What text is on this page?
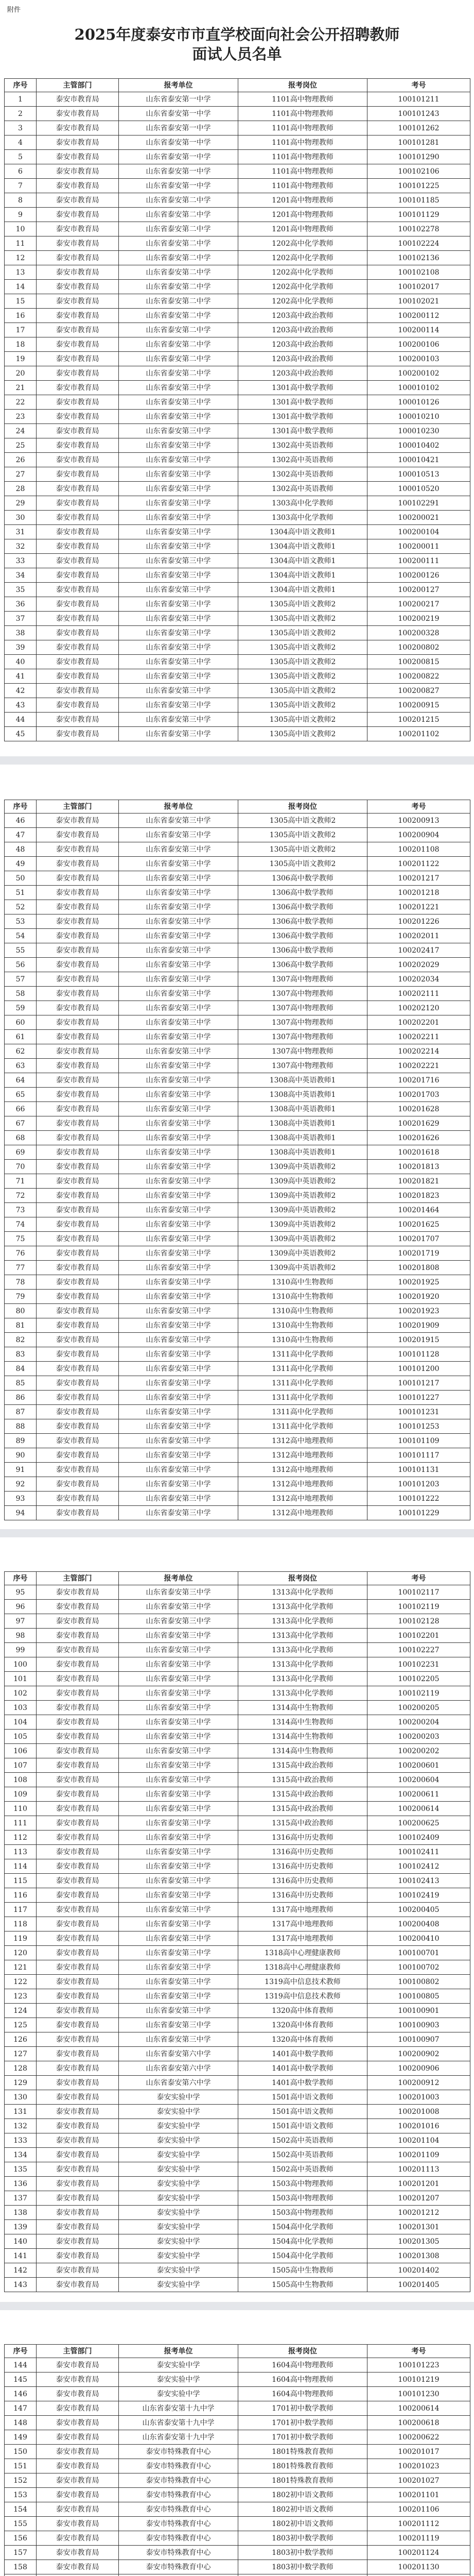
附件
2025年度泰安市市直学校面向社会公开招聘教师
面试人员名单
序号	主管部门	报考单位	报考岗位	考号
1	泰安市教育局	山东省泰安第一中学	1101高中物理教师	100101211
2	泰安市教育局	山东省泰安第一中学	1101高中物理教师	100101243
3	泰安市教育局	山东省泰安第一中学	1101高中物理教师	100101262
4	泰安市教育局	山东省泰安第一中学	1101高中物理教师	100101281
5	泰安市教育局	山东省泰安第一中学	1101高中物理教师	100101290
6	泰安市教育局	山东省泰安第一中学	1101高中物理教师	100102106
7	泰安市教育局	山东省泰安第一中学	1101高中物理教师	100101225
8	泰安市教育局	山东省泰安第二中学	1201高中物理教师	100101185
9	泰安市教育局	山东省泰安第二中学	1201高中物理教师	100101129
10	泰安市教育局	山东省泰安第二中学	1201高中物理教师	100102278
11	泰安市教育局	山东省泰安第二中学	1202高中化学教师	100102224
12	泰安市教育局	山东省泰安第二中学	1202高中化学教师	100102136
13	泰安市教育局	山东省泰安第二中学	1202高中化学教师	100102108
14	泰安市教育局	山东省泰安第二中学	1202高中化学教师	100102017
15	泰安市教育局	山东省泰安第二中学	1202高中化学教师	100102021
16	泰安市教育局	山东省泰安第二中学	1203高中政治教师	100200112
17	泰安市教育局	山东省泰安第二中学	1203高中政治教师	100200114
18	泰安市教育局	山东省泰安第二中学	1203高中政治教师	100200106
19	泰安市教育局	山东省泰安第二中学	1203高中政治教师	100200103
20	泰安市教育局	山东省泰安第二中学	1203高中政治教师	100200102
21	泰安市教育局	山东省泰安第三中学	1301高中数学教师	100010102
22	泰安市教育局	山东省泰安第三中学	1301高中数学教师	100010126
23	泰安市教育局	山东省泰安第三中学	1301高中数学教师	100010210
24	泰安市教育局	山东省泰安第三中学	1301高中数学教师	100010230
25	泰安市教育局	山东省泰安第三中学	1302高中英语教师	100010402
26	泰安市教育局	山东省泰安第三中学	1302高中英语教师	100010421
27	泰安市教育局	山东省泰安第三中学	1302高中英语教师	100010513
28	泰安市教育局	山东省泰安第三中学	1302高中英语教师	100010520
29	泰安市教育局	山东省泰安第三中学	1303高中化学教师	100102291
30	泰安市教育局	山东省泰安第三中学	1303高中化学教师	100200021
31	泰安市教育局	山东省泰安第三中学	1304高中语文教师1	100200104
32	泰安市教育局	山东省泰安第三中学	1304高中语文教师1	100200011
33	泰安市教育局	山东省泰安第三中学	1304高中语文教师1	100200111
34	泰安市教育局	山东省泰安第三中学	1304高中语文教师1	100200126
35	泰安市教育局	山东省泰安第三中学	1304高中语文教师1	100200127
36	泰安市教育局	山东省泰安第三中学	1305高中语文教师2	100200217
37	泰安市教育局	山东省泰安第三中学	1305高中语文教师2	100200219
38	泰安市教育局	山东省泰安第三中学	1305高中语文教师2	100200328
39	泰安市教育局	山东省泰安第三中学	1305高中语文教师2	100200802
40	泰安市教育局	山东省泰安第三中学	1305高中语文教师2	100200815
41	泰安市教育局	山东省泰安第三中学	1305高中语文教师2	100200822
42	泰安市教育局	山东省泰安第三中学	1305高中语文教师2	100200827
43	泰安市教育局	山东省泰安第三中学	1305高中语文教师2	100200915
44	泰安市教育局	山东省泰安第三中学	1305高中语文教师2	100201215
45	泰安市教育局	山东省泰安第三中学	1305高中语文教师2	100201102
序号	主管部门	报考单位	报考岗位	考号
46	泰安市教育局	山东省泰安第三中学	1305高中语文教师2	100200913
47	泰安市教育局	山东省泰安第三中学	1305高中语文教师2	100200904
48	泰安市教育局	山东省泰安第三中学	1305高中语文教师2	100201108
49	泰安市教育局	山东省泰安第三中学	1305高中语文教师2	100201122
50	泰安市教育局	山东省泰安第三中学	1306高中数学教师	100201217
51	泰安市教育局	山东省泰安第三中学	1306高中数学教师	100201218
52	泰安市教育局	山东省泰安第三中学	1306高中数学教师	100201221
53	泰安市教育局	山东省泰安第三中学	1306高中数学教师	100201226
54	泰安市教育局	山东省泰安第三中学	1306高中数学教师	100202011
55	泰安市教育局	山东省泰安第三中学	1306高中数学教师	100202417
56	泰安市教育局	山东省泰安第三中学	1306高中数学教师	100202029
57	泰安市教育局	山东省泰安第三中学	1307高中物理教师	100202034
58	泰安市教育局	山东省泰安第三中学	1307高中物理教师	100202111
59	泰安市教育局	山东省泰安第三中学	1307高中物理教师	100202120
60	泰安市教育局	山东省泰安第三中学	1307高中物理教师	100202201
61	泰安市教育局	山东省泰安第三中学	1307高中物理教师	100202211
62	泰安市教育局	山东省泰安第三中学	1307高中物理教师	100202214
63	泰安市教育局	山东省泰安第三中学	1307高中物理教师	100202221
64	泰安市教育局	山东省泰安第三中学	1308高中英语教师1	100201716
65	泰安市教育局	山东省泰安第三中学	1308高中英语教师1	100201703
66	泰安市教育局	山东省泰安第三中学	1308高中英语教师1	100201628
67	泰安市教育局	山东省泰安第三中学	1308高中英语教师1	100201629
68	泰安市教育局	山东省泰安第三中学	1308高中英语教师1	100201626
69	泰安市教育局	山东省泰安第三中学	1308高中英语教师1	100201618
70	泰安市教育局	山东省泰安第三中学	1309高中英语教师2	100201813
71	泰安市教育局	山东省泰安第三中学	1309高中英语教师2	100201821
72	泰安市教育局	山东省泰安第三中学	1309高中英语教师2	100201823
73	泰安市教育局	山东省泰安第三中学	1309高中英语教师2	100201464
74	泰安市教育局	山东省泰安第三中学	1309高中英语教师2	100201625
75	泰安市教育局	山东省泰安第三中学	1309高中英语教师2	100201707
76	泰安市教育局	山东省泰安第三中学	1309高中英语教师2	100201719
77	泰安市教育局	山东省泰安第三中学	1309高中英语教师2	100201808
78	泰安市教育局	山东省泰安第三中学	1310高中生物教师	100201925
79	泰安市教育局	山东省泰安第三中学	1310高中生物教师	100201920
80	泰安市教育局	山东省泰安第三中学	1310高中生物教师	100201923
81	泰安市教育局	山东省泰安第三中学	1310高中生物教师	100201909
82	泰安市教育局	山东省泰安第三中学	1310高中生物教师	100201915
83	泰安市教育局	山东省泰安第三中学	1311高中化学教师	100101128
84	泰安市教育局	山东省泰安第三中学	1311高中化学教师	100101200
85	泰安市教育局	山东省泰安第三中学	1311高中化学教师	100101217
86	泰安市教育局	山东省泰安第三中学	1311高中化学教师	100101227
87	泰安市教育局	山东省泰安第三中学	1311高中化学教师	100101231
88	泰安市教育局	山东省泰安第三中学	1311高中化学教师	100101253
89	泰安市教育局	山东省泰安第三中学	1312高中地理教师	100101109
90	泰安市教育局	山东省泰安第三中学	1312高中地理教师	100101117
91	泰安市教育局	山东省泰安第三中学	1312高中地理教师	100101131
92	泰安市教育局	山东省泰安第三中学	1312高中地理教师	100101203
93	泰安市教育局	山东省泰安第三中学	1312高中地理教师	100101222
94	泰安市教育局	山东省泰安第三中学	1312高中地理教师	100101229
序号	主管部门	报考单位	报考岗位	考号
95	泰安市教育局	山东省泰安第三中学	1313高中化学教师	100102117
96	泰安市教育局	山东省泰安第三中学	1313高中化学教师	100102119
97	泰安市教育局	山东省泰安第三中学	1313高中化学教师	100102128
98	泰安市教育局	山东省泰安第三中学	1313高中化学教师	100102201
99	泰安市教育局	山东省泰安第三中学	1313高中化学教师	100102227
100	泰安市教育局	山东省泰安第三中学	1313高中化学教师	100102231
101	泰安市教育局	山东省泰安第三中学	1313高中化学教师	100102205
102	泰安市教育局	山东省泰安第三中学	1313高中化学教师	100102119
103	泰安市教育局	山东省泰安第三中学	1314高中生物教师	100200205
104	泰安市教育局	山东省泰安第三中学	1314高中生物教师	100200204
105	泰安市教育局	山东省泰安第三中学	1314高中生物教师	100200203
106	泰安市教育局	山东省泰安第三中学	1314高中生物教师	100200202
107	泰安市教育局	山东省泰安第三中学	1315高中政治教师	100200601
108	泰安市教育局	山东省泰安第三中学	1315高中政治教师	100200604
109	泰安市教育局	山东省泰安第三中学	1315高中政治教师	100200611
110	泰安市教育局	山东省泰安第三中学	1315高中政治教师	100200614
111	泰安市教育局	山东省泰安第三中学	1315高中政治教师	100200625
112	泰安市教育局	山东省泰安第三中学	1316高中历史教师	100102409
113	泰安市教育局	山东省泰安第三中学	1316高中历史教师	100102411
114	泰安市教育局	山东省泰安第三中学	1316高中历史教师	100102412
115	泰安市教育局	山东省泰安第三中学	1316高中历史教师	100102413
116	泰安市教育局	山东省泰安第三中学	1316高中历史教师	100102419
117	泰安市教育局	山东省泰安第三中学	1317高中地理教师	100200405
118	泰安市教育局	山东省泰安第三中学	1317高中地理教师	100200408
119	泰安市教育局	山东省泰安第三中学	1317高中地理教师	100200410
120	泰安市教育局	山东省泰安第三中学	1318高中心理健康教师	100100701
121	泰安市教育局	山东省泰安第三中学	1318高中心理健康教师	100100702
122	泰安市教育局	山东省泰安第三中学	1319高中信息技术教师	100100802
123	泰安市教育局	山东省泰安第三中学	1319高中信息技术教师	100100805
124	泰安市教育局	山东省泰安第三中学	1320高中体育教师	100100901
125	泰安市教育局	山东省泰安第三中学	1320高中体育教师	100100903
126	泰安市教育局	山东省泰安第三中学	1320高中体育教师	100100907
127	泰安市教育局	山东省泰安第六中学	1401高中数学教师	100200902
128	泰安市教育局	山东省泰安第六中学	1401高中数学教师	100200906
129	泰安市教育局	山东省泰安第六中学	1401高中数学教师	100200912
130	泰安市教育局	泰安实验中学	1501高中语文教师	100201003
131	泰安市教育局	泰安实验中学	1501高中语文教师	100201008
132	泰安市教育局	泰安实验中学	1501高中语文教师	100201016
133	泰安市教育局	泰安实验中学	1502高中英语教师	100201104
134	泰安市教育局	泰安实验中学	1502高中英语教师	100201109
135	泰安市教育局	泰安实验中学	1502高中英语教师	100201113
136	泰安市教育局	泰安实验中学	1503高中物理教师	100201201
137	泰安市教育局	泰安实验中学	1503高中物理教师	100201207
138	泰安市教育局	泰安实验中学	1503高中物理教师	100201212
139	泰安市教育局	泰安实验中学	1504高中化学教师	100201301
140	泰安市教育局	泰安实验中学	1504高中化学教师	100201305
141	泰安市教育局	泰安实验中学	1504高中化学教师	100201308
142	泰安市教育局	泰安实验中学	1505高中生物教师	100201402
143	泰安市教育局	泰安实验中学	1505高中生物教师	100201405
序号	主管部门	报考单位	报考岗位	考号
144	泰安市教育局	泰安实验中学	1604高中物理教师	100101223
145	泰安市教育局	泰安实验中学	1604高中物理教师	100101219
146	泰安市教育局	泰安实验中学	1604高中物理教师	100101230
147	泰安市教育局	山东省泰安第十九中学	1701初中数学教师	100200614
148	泰安市教育局	山东省泰安第十九中学	1701初中数学教师	100200618
149	泰安市教育局	山东省泰安第十九中学	1701初中数学教师	100200622
150	泰安市教育局	泰安市特殊教育中心	1801特殊教育教师	100201017
151	泰安市教育局	泰安市特殊教育中心	1801特殊教育教师	100201023
152	泰安市教育局	泰安市特殊教育中心	1801特殊教育教师	100201027
153	泰安市教育局	泰安市特殊教育中心	1802初中语文教师	100201101
154	泰安市教育局	泰安市特殊教育中心	1802初中语文教师	100201106
155	泰安市教育局	泰安市特殊教育中心	1802初中语文教师	100201112
156	泰安市教育局	泰安市特殊教育中心	1803初中数学教师	100201119
157	泰安市教育局	泰安市特殊教育中心	1803初中数学教师	100201124
158	泰安市教育局	泰安市特殊教育中心	1803初中数学教师	100201130
